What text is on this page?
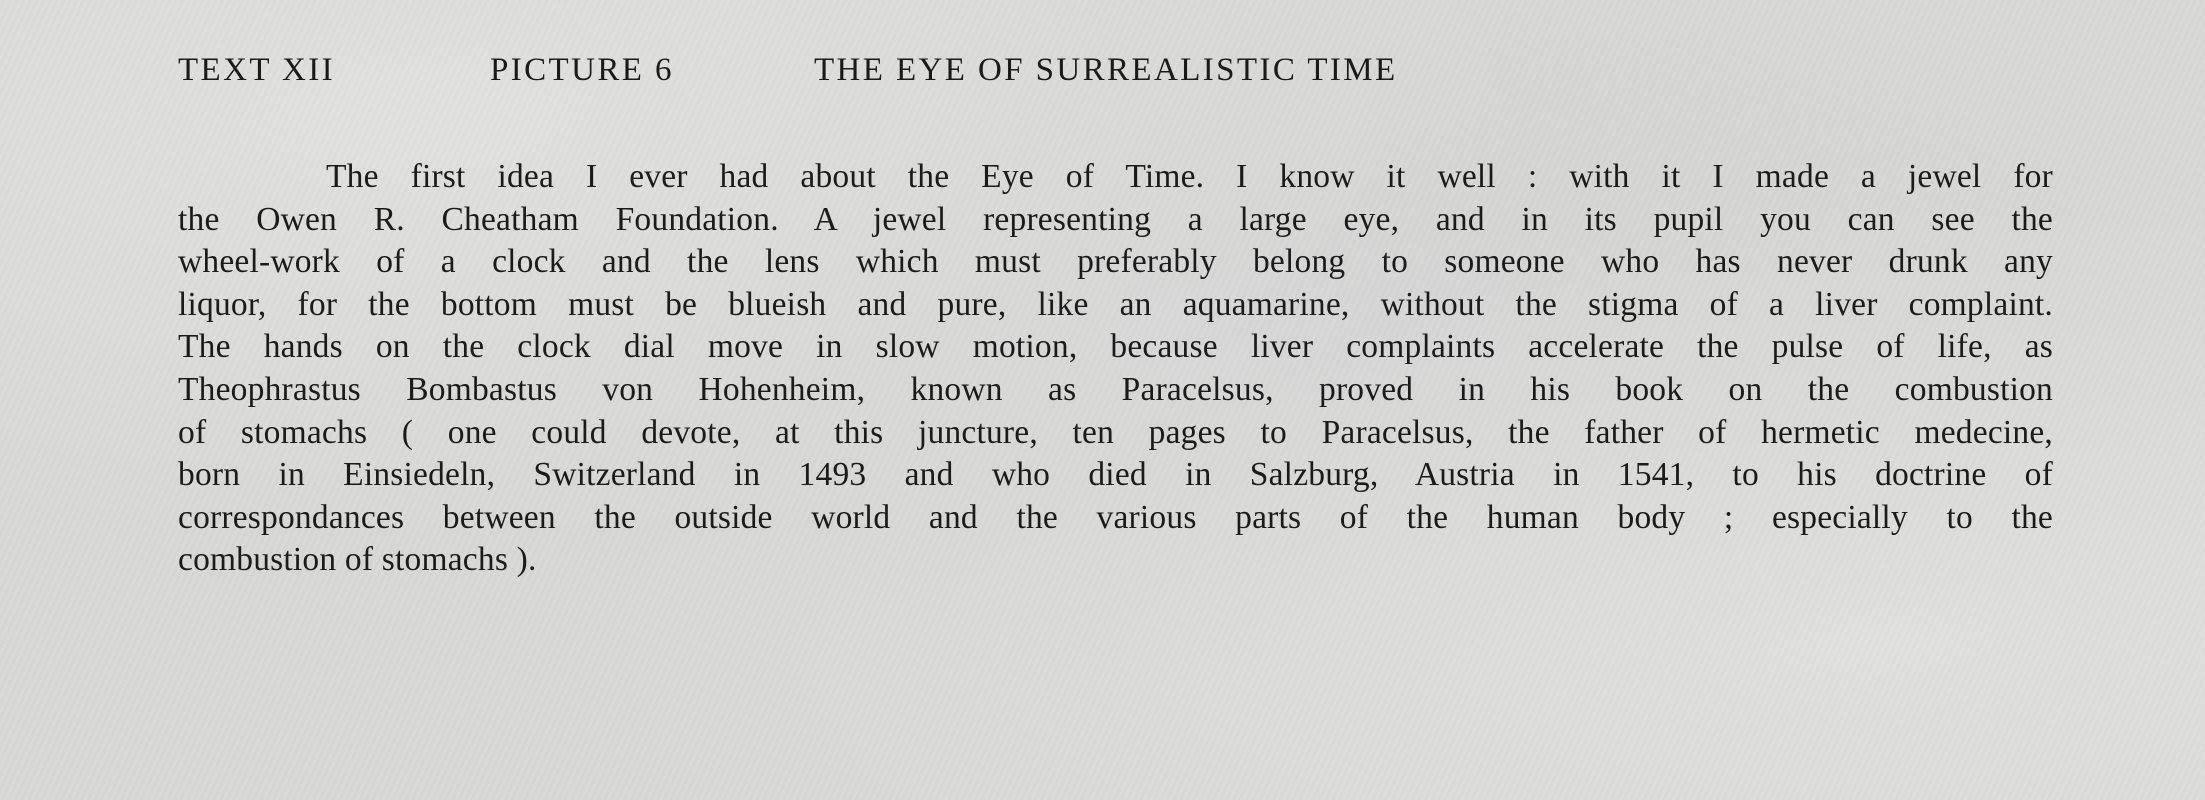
TEXT XII	PICTURE 6	THE EYE OF SURREALISTIC TIME
The first idea I ever had about the Eye of Time. I know it well : with it I made a jewel for
the Owen R. Cheatham Foundation. A jewel representing a large eye, and in its pupil you can see the
wheel-work of a clock and the lens which must preferably belong to someone who has never drunk any
liquor, for the bottom must be blueish and pure, like an aquamarine, without the stigma of a liver complaint.
The hands on the clock dial move in slow motion, because liver complaints accelerate the pulse of life, as
Theophrastus Bombastus von Hohenheim, known as Paracelsus, proved in his book on the combustion
of stomachs ( one could devote, at this juncture, ten pages to Paracelsus, the father of hermetic medecine,
born in Einsiedeln, Switzerland in 1493 and who died in Salzburg, Austria in 1541, to his doctrine of
correspondances between the outside world and the various parts of the human body ; especially to the
combustion of stomachs ).
